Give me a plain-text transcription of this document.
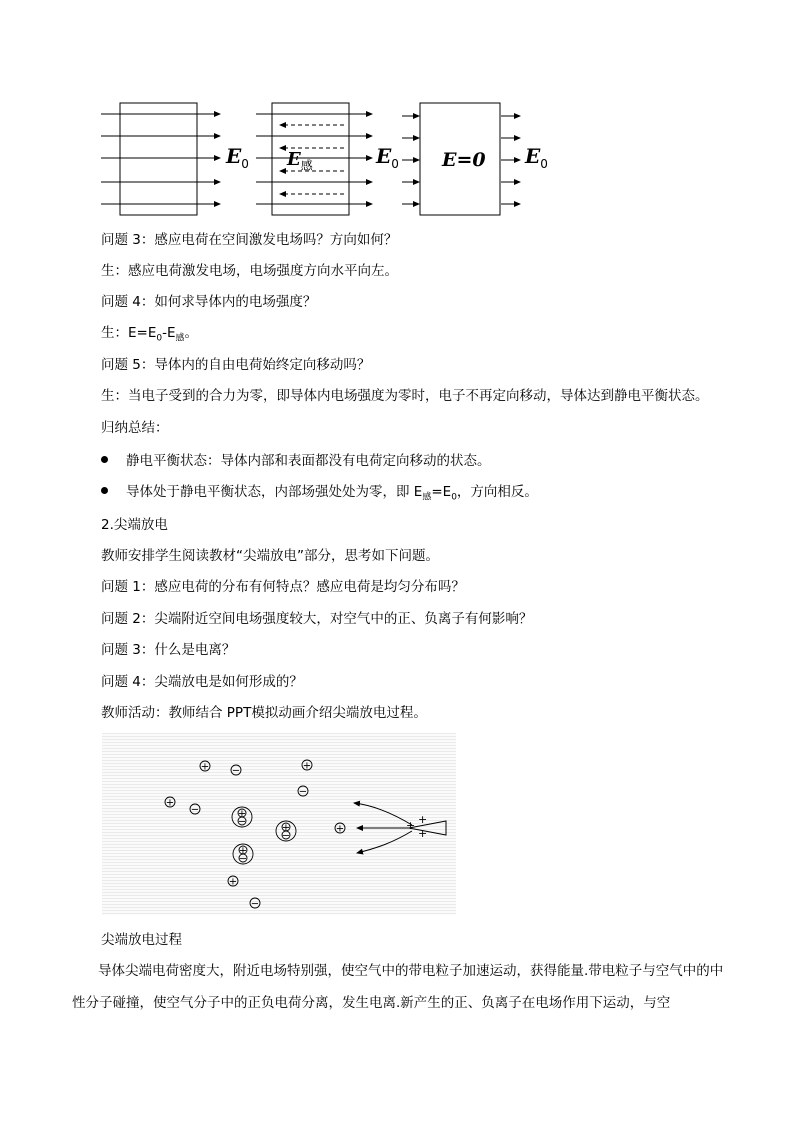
$E_0$ $E_感$	$E_0$ E=0 $E_0$
问题 3：感应电荷在空间激发电场吗？方向如何？
生：感应电荷激发电场，电场强度方向水平向左。
问题 4：如何求导体内的电场强度？
生：$E=E_0-E_感$。
问题 5：导体内的自由电荷始终定向移动吗？
生：当电子受到的合力为零，即导体内电场强度为零时，电子不再定向移动，导体达到静电平衡状态。
归纳总结：
静电平衡状态：导体内部和表面都没有电荷定向移动的状态。
导体处于静电平衡状态，内部场强处处为零，即 $E_感=E_0$，方向相反。
2.尖端放电
教师安排学生阅读教材“尖端放电”部分，思考如下问题。
问题 1：感应电荷的分布有何特点？感应电荷是均匀分布吗？
问题 2：尖端附近空间电场强度较大，对空气中的正、负离子有何影响？
问题 3：什么是电离？
问题 4：尖端放电是如何形成的？
教师活动：教师结合 PPT模拟动画介绍尖端放电过程。
+
+
+
+ −	+
−
+
−
+
+
−
+
−
+
−
+
−
尖端放电过程
导体尖端电荷密度大，附近电场特别强，使空气中的带电粒子加速运动，获得能量.带电粒子与空气中的中性分子碰撞，使空气分子中的正负电荷分离，发生电离.新产生的正、负离子在电场作用下运动，与空
